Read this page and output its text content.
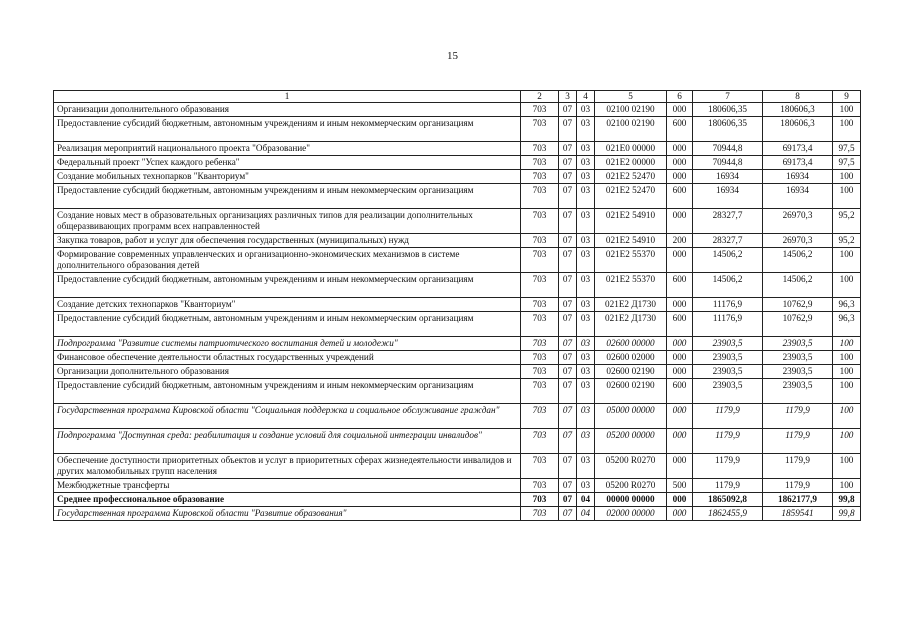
15
1	2	3	4	5	6	7	8	9
Организации дополнительного образования	703	07	03	02100 02190	000	180606,35	180606,3	100
Предоставление субсидий бюджетным, автономным учреждениям и иным некоммерческим организациям	703	07	03	02100 02190	600	180606,35	180606,3	100
Реализация мероприятий национального проекта "Образование"	703	07	03	021E0 00000	000	70944,8	69173,4	97,5
Федеральный проект "Успех каждого ребенка"	703	07	03	021E2 00000	000	70944,8	69173,4	97,5
Создание мобильных технопарков "Кванториум"	703	07	03	021E2 52470	000	16934	16934	100
Предоставление субсидий бюджетным, автономным учреждениям и иным некоммерческим организациям	703	07	03	021E2 52470	600	16934	16934	100
Создание новых мест в образовательных организациях различных типов для реализации дополнительных общеразвивающих программ всех направленностей	703	07	03	021E2 54910	000	28327,7	26970,3	95,2
Закупка товаров, работ и услуг для обеспечения государственных (муниципальных) нужд	703	07	03	021E2 54910	200	28327,7	26970,3	95,2
Формирование современных управленческих и организационно-экономических механизмов в системе дополнительного образования детей	703	07	03	021E2 55370	000	14506,2	14506,2	100
Предоставление субсидий бюджетным, автономным учреждениям и иным некоммерческим организациям	703	07	03	021E2 55370	600	14506,2	14506,2	100
Создание детских технопарков "Кванториум"	703	07	03	021E2 Д1730	000	11176,9	10762,9	96,3
Предоставление субсидий бюджетным, автономным учреждениям и иным некоммерческим организациям	703	07	03	021E2 Д1730	600	11176,9	10762,9	96,3
Подпрограмма "Развитие системы патриотического воспитания детей и молодежи"	703	07	03	02600 00000	000	23903,5	23903,5	100
Финансовое обеспечение деятельности областных государственных учреждений	703	07	03	02600 02000	000	23903,5	23903,5	100
Организации дополнительного образования	703	07	03	02600 02190	000	23903,5	23903,5	100
Предоставление субсидий бюджетным, автономным учреждениям и иным некоммерческим организациям	703	07	03	02600 02190	600	23903,5	23903,5	100
Государственная программа Кировской области "Социальная поддержка и социальное обслуживание граждан"	703	07	03	05000 00000	000	1179,9	1179,9	100
Подпрограмма "Доступная среда: реабилитация и создание условий для социальной интеграции инвалидов"	703	07	03	05200 00000	000	1179,9	1179,9	100
Обеспечение доступности приоритетных объектов и услуг в приоритетных сферах жизнедеятельности инвалидов и других маломобильных групп населения	703	07	03	05200 R0270	000	1179,9	1179,9	100
Межбюджетные трансферты	703	07	03	05200 R0270	500	1179,9	1179,9	100
Среднее профессиональное образование	703	07	04	00000 00000	000	1865092,8	1862177,9	99,8
Государственная программа Кировской области "Развитие образования"	703	07	04	02000 00000	000	1862455,9	1859541	99,8
